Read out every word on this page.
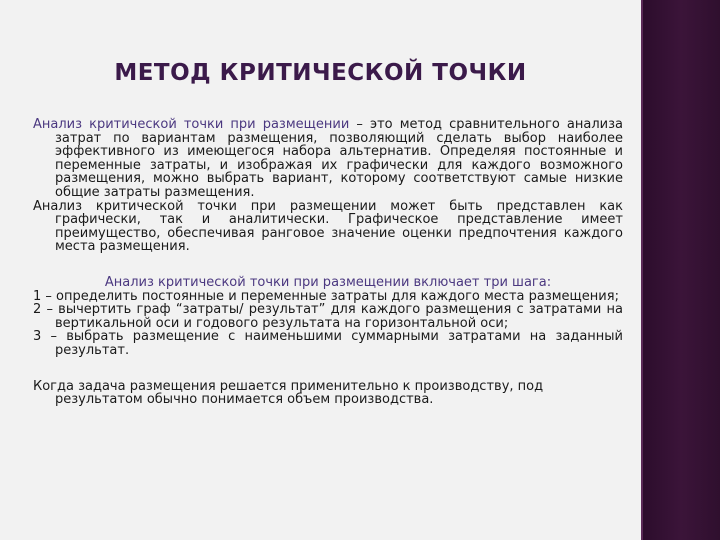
МЕТОД КРИТИЧЕСКОЙ ТОЧКИ

Анализ критической точки при размещении – это метод сравнительного анализа затрат по вариантам размещения, позволяющий сделать выбор наиболее эффективного из имеющегося набора альтернатив. Определяя постоянные и переменные затраты, и изображая их графически для каждого возможного размещения, можно выбрать вариант, которому соответствуют самые низкие общие затраты размещения.

Анализ критической точки при размещении может быть представлен как графически, так и аналитически. Графическое представление имеет преимущество, обеспечивая ранговое значение оценки предпочтения каждого места размещения.

Анализ критической точки при размещении включает три шага:

1 – определить постоянные и переменные затраты для каждого места размещения;

2 – вычертить граф “затраты/ результат” для каждого размещения с затратами на вертикальной оси и годового результата на горизонтальной оси;

3 – выбрать размещение с наименьшими суммарными затратами на заданный результат.

Когда задача размещения решается применительно к производству, под результатом обычно понимается объем производства.
